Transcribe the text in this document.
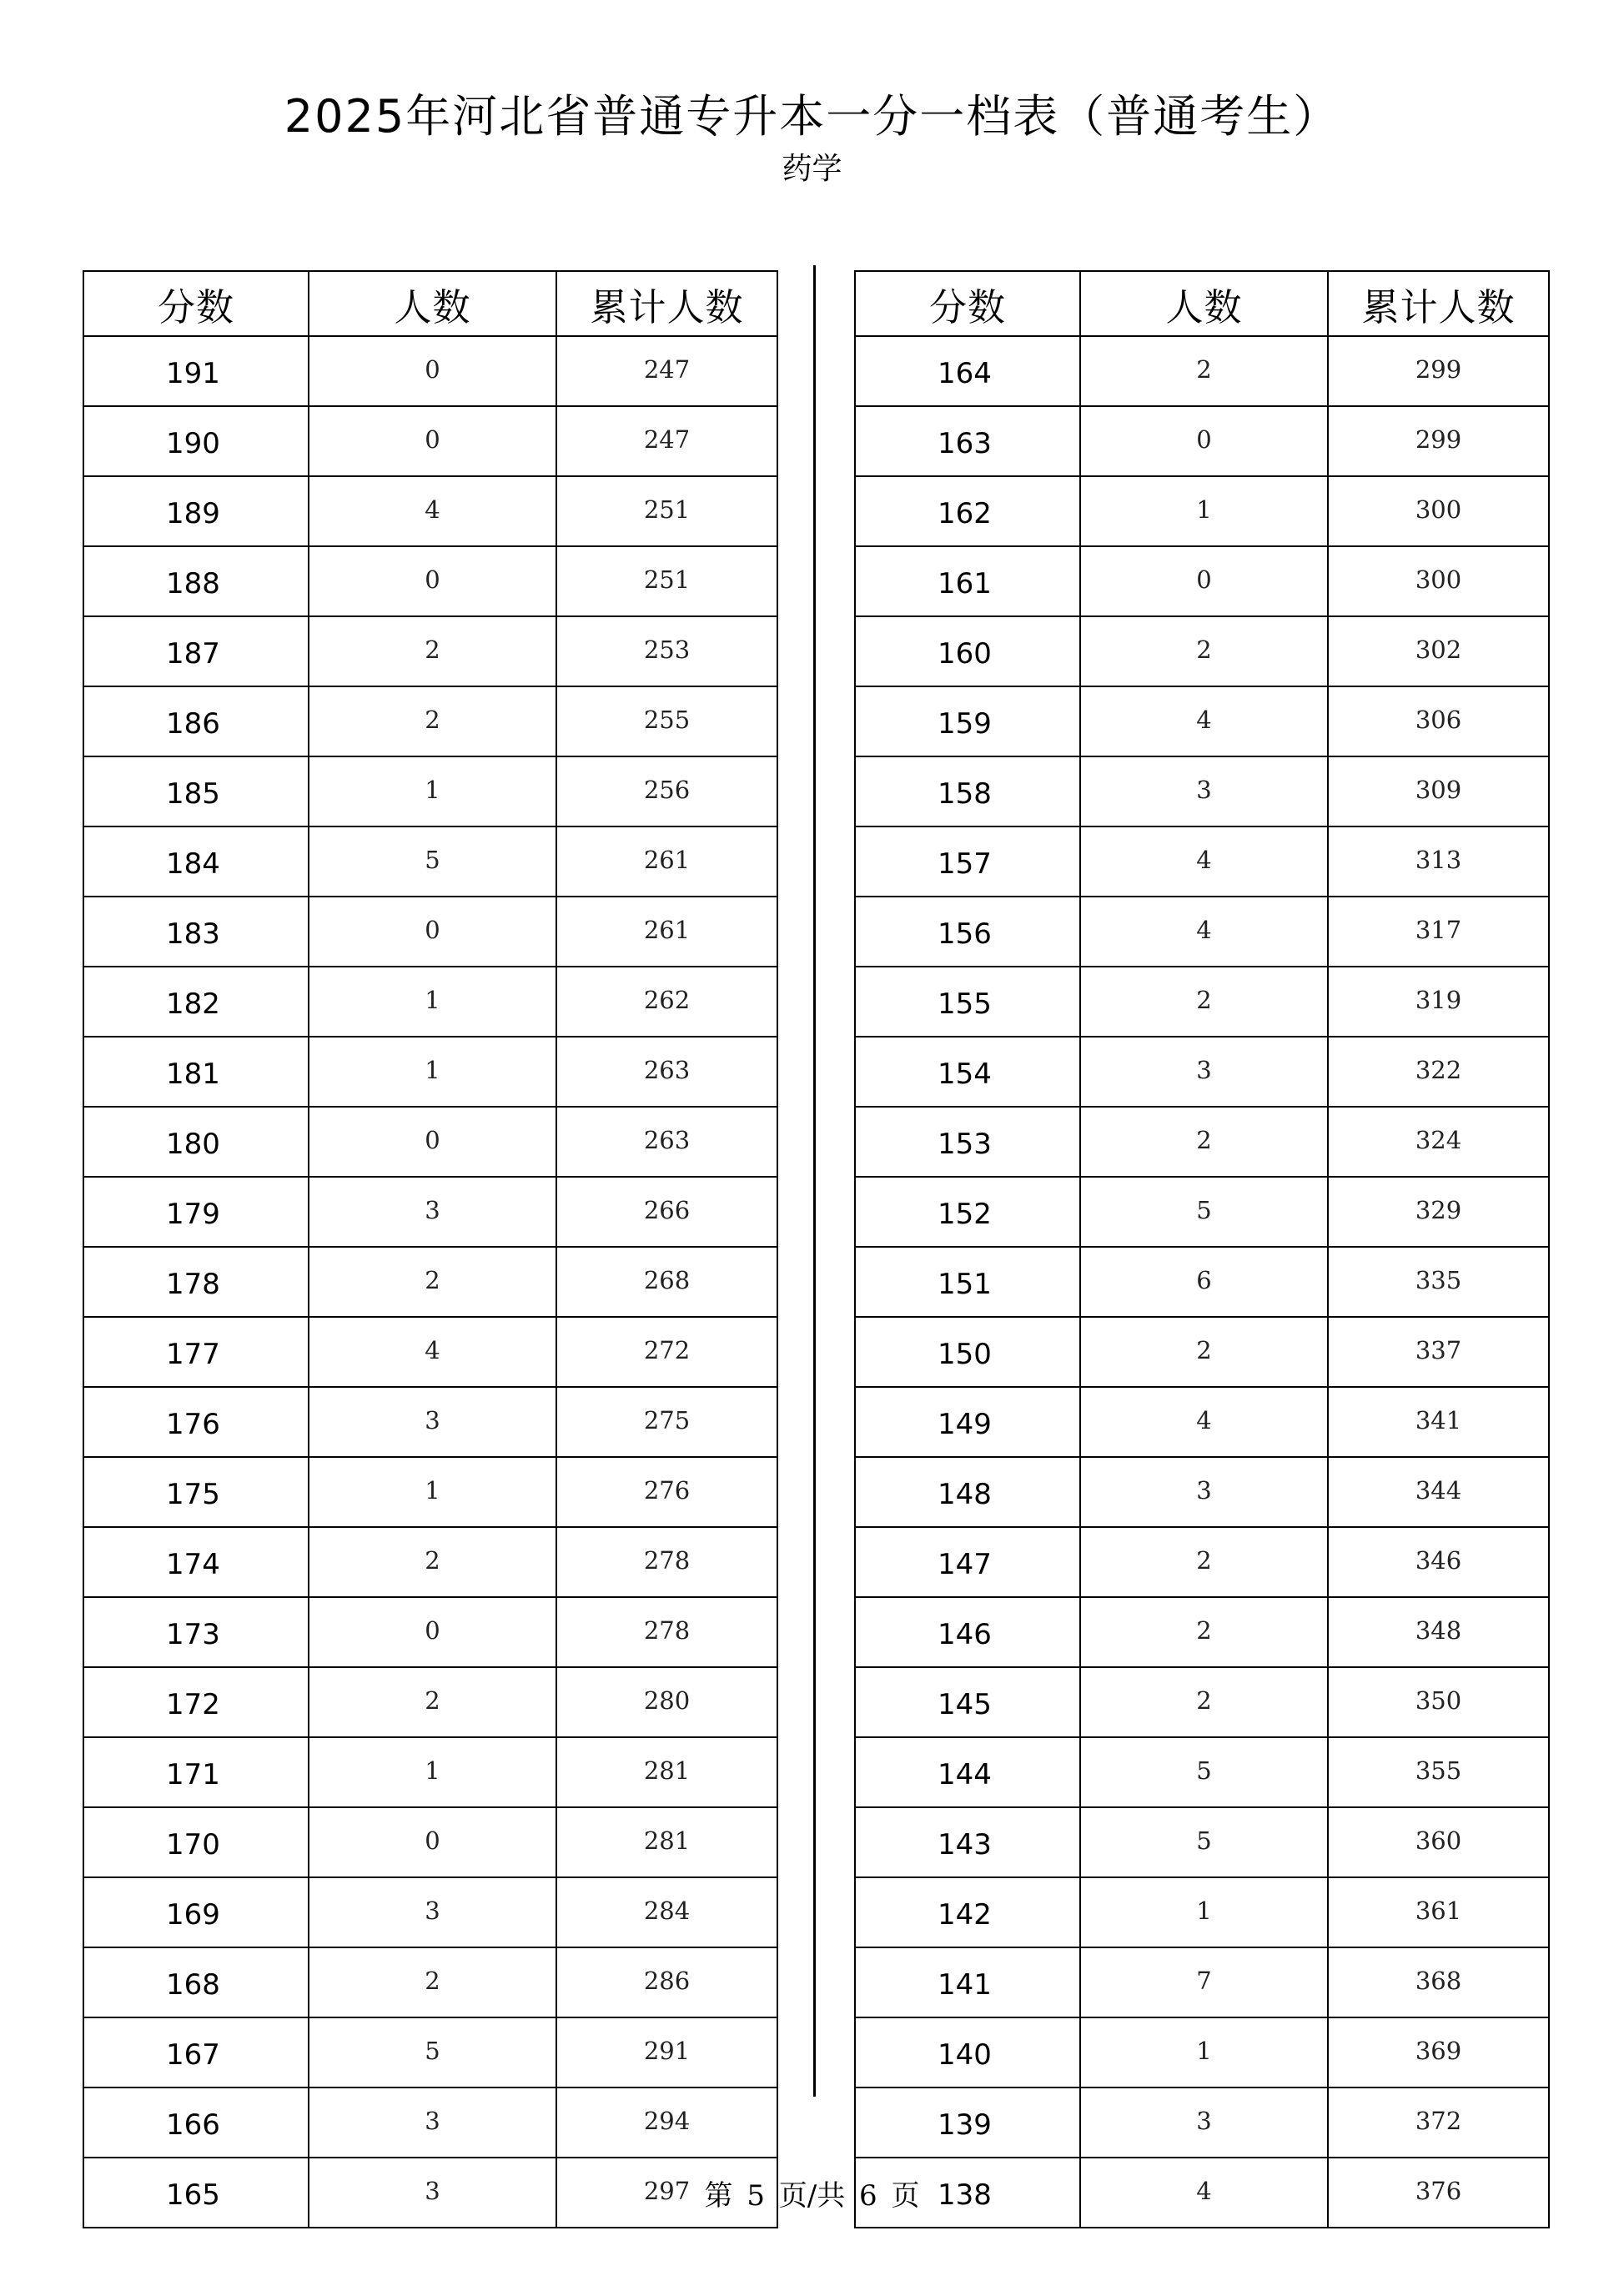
2025年河北省普通专升本一分一档表（普通考生）
药学
分数	人数	累计人数
191	0	247
190	0	247
189	4	251
188	0	251
187	2	253
186	2	255
185	1	256
184	5	261
183	0	261
182	1	262
181	1	263
180	0	263
179	3	266
178	2	268
177	4	272
176	3	275
175	1	276
174	2	278
173	0	278
172	2	280
171	1	281
170	0	281
169	3	284
168	2	286
167	5	291
166	3	294
165	3	297
分数	人数	累计人数
164	2	299
163	0	299
162	1	300
161	0	300
160	2	302
159	4	306
158	3	309
157	4	313
156	4	317
155	2	319
154	3	322
153	2	324
152	5	329
151	6	335
150	2	337
149	4	341
148	3	344
147	2	346
146	2	348
145	2	350
144	5	355
143	5	360
142	1	361
141	7	368
140	1	369
139	3	372
138	4	376
第 5 页/共 6 页
